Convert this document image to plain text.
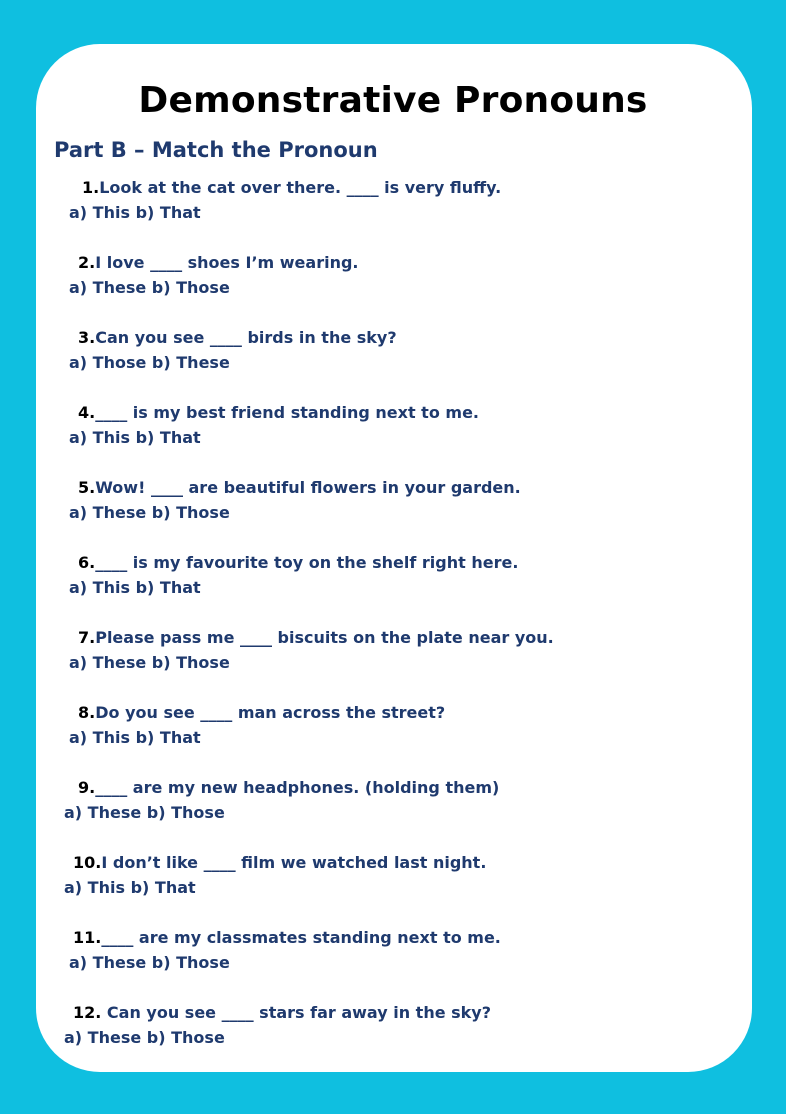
Demonstrative Pronouns
Part B – Match the Pronoun
1.Look at the cat over there. ____ is very fluffy.
a) This b) That
2.I love ____ shoes I’m wearing.
a) These b) Those
3.Can you see ____ birds in the sky?
a) Those b) These
4.____ is my best friend standing next to me.
a) This b) That
5.Wow! ____ are beautiful flowers in your garden.
a) These b) Those
6.____ is my favourite toy on the shelf right here.
a) This b) That
7.Please pass me ____ biscuits on the plate near you.
a) These b) Those
8.Do you see ____ man across the street?
a) This b) That
9.____ are my new headphones. (holding them)
a) These b) Those
10.I don’t like ____ film we watched last night.
a) This b) That
11.____ are my classmates standing next to me.
a) These b) Those
12. Can you see ____ stars far away in the sky?
a) These b) Those
